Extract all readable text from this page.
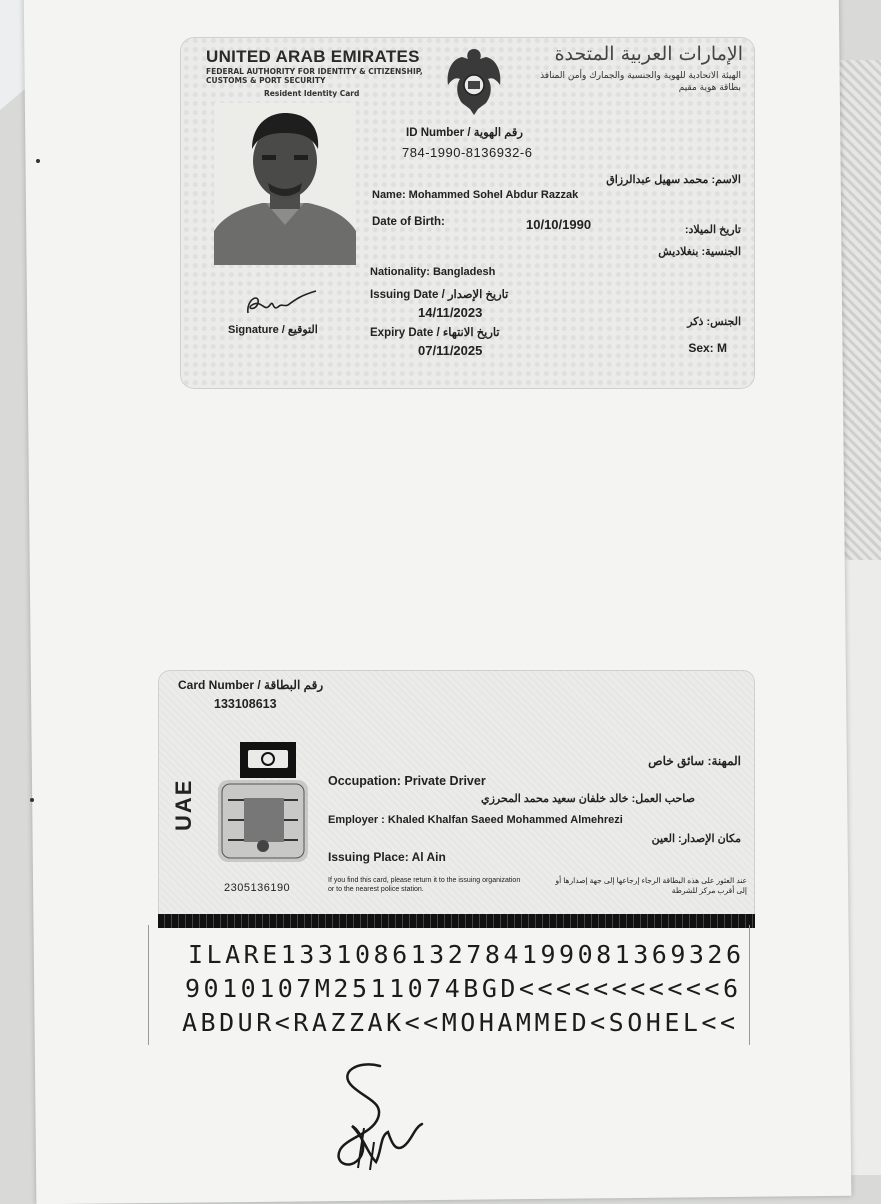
UNITED ARAB EMIRATES
FEDERAL AUTHORITY FOR IDENTITY & CITIZENSHIP, CUSTOMS & PORT SECURITY
Resident Identity Card
الإمارات العربية المتحدة
الهيئة الاتحادية للهوية والجنسية والجمارك وأمن المنافذ
بطاقة هوية مقيم
ID Number / رقم الهوية
784-1990-8136932-6
الاسم: محمد سهيل عبدالرزاق
Name: Mohammed Sohel Abdur Razzak
Date of Birth:	10/10/1990	تاريخ الميلاد:
الجنسية: بنغلاديش
Nationality: Bangladesh
Issuing Date / تاريخ الإصدار
14/11/2023
Signature / التوقيع	Expiry Date / تاريخ الانتهاء
07/11/2025
الجنس: ذكر
Sex: M
Card Number / رقم البطاقة
133108613
UAE
المهنة: سائق خاص
Occupation: Private Driver
صاحب العمل: خالد خلفان سعيد محمد المحرزي
Employer : Khaled Khalfan Saeed Mohammed Almehrezi
مكان الإصدار: العين
Issuing Place: Al Ain
2305136190
If you find this card, please return it to the issuing organization or to the nearest police station.
عند العثور على هذه البطاقة الرجاء إرجاعها إلى جهة إصدارها أو إلى أقرب مركز للشرطة
ILARE1331086132784199081369326
9010107M2511074BGD<<<<<<<<<<<6
ABDUR<RAZZAK<<MOHAMMED<SOHEL<<
